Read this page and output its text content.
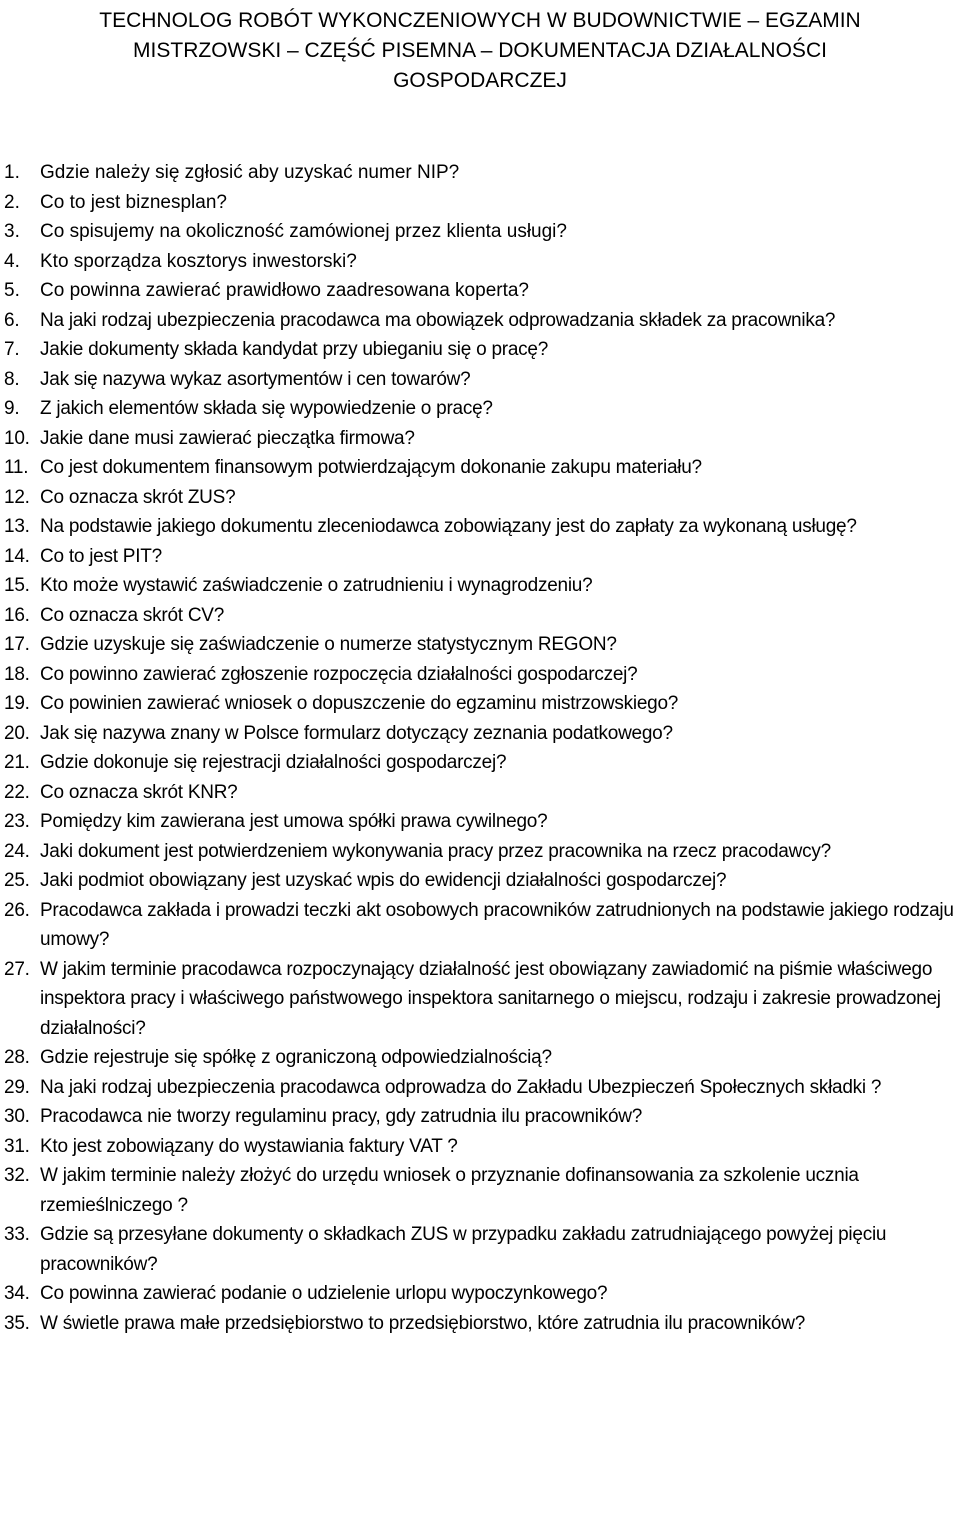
TECHNOLOG ROBÓT WYKONCZENIOWYCH W BUDOWNICTWIE – EGZAMIN
MISTRZOWSKI – CZĘŚĆ PISEMNA – DOKUMENTACJA DZIAŁALNOŚCI
GOSPODARCZEJ
1.	Gdzie należy się zgłosić aby uzyskać numer NIP?
2.	Co to jest biznesplan?
3.	Co spisujemy na okoliczność zamówionej przez klienta usługi?
4.	Kto sporządza kosztorys inwestorski?
5.	Co powinna zawierać prawidłowo zaadresowana koperta?
6.	Na jaki rodzaj ubezpieczenia pracodawca ma obowiązek odprowadzania składek za pracownika?
7.	Jakie dokumenty składa kandydat przy ubieganiu się o pracę?
8.	Jak się nazywa wykaz asortymentów i cen towarów?
9.	Z jakich elementów składa się wypowiedzenie o pracę?
10. Jakie dane musi zawierać pieczątka firmowa?
11. Co jest dokumentem finansowym potwierdzającym dokonanie zakupu materiału?
12. Co oznacza skrót ZUS?
13. Na podstawie jakiego dokumentu zleceniodawca zobowiązany jest do zapłaty za wykonaną usługę?
14. Co to jest PIT?
15. Kto może wystawić zaświadczenie o zatrudnieniu i wynagrodzeniu?
16. Co oznacza skrót CV?
17. Gdzie uzyskuje się zaświadczenie o numerze statystycznym REGON?
18. Co powinno zawierać zgłoszenie rozpoczęcia działalności gospodarczej?
19. Co powinien zawierać wniosek o dopuszczenie do egzaminu mistrzowskiego?
20. Jak się nazywa znany w Polsce formularz dotyczący zeznania podatkowego?
21. Gdzie dokonuje się rejestracji działalności gospodarczej?
22. Co oznacza skrót KNR?
23. Pomiędzy kim zawierana jest umowa spółki prawa cywilnego?
24. Jaki dokument jest potwierdzeniem wykonywania pracy przez pracownika na rzecz pracodawcy?
25. Jaki podmiot obowiązany jest uzyskać wpis do ewidencji działalności gospodarczej?
26. Pracodawca zakłada i prowadzi teczki akt osobowych pracowników zatrudnionych na podstawie jakiego rodzaju umowy?
27. W jakim terminie pracodawca rozpoczynający działalność jest obowiązany zawiadomić na piśmie właściwego inspektora pracy i właściwego państwowego inspektora sanitarnego o miejscu, rodzaju i zakresie prowadzonej działalności?
28. Gdzie rejestruje się spółkę z ograniczoną odpowiedzialnością?
29. Na jaki rodzaj ubezpieczenia pracodawca odprowadza do Zakładu Ubezpieczeń Społecznych składki ?
30. Pracodawca nie tworzy regulaminu pracy, gdy zatrudnia ilu pracowników?
31. Kto jest zobowiązany do wystawiania faktury VAT ?
32. W jakim terminie należy złożyć do urzędu wniosek o przyznanie dofinansowania za szkolenie ucznia rzemieślniczego ?
33. Gdzie są przesyłane dokumenty o składkach ZUS w przypadku zakładu zatrudniającego powyżej pięciu pracowników?
34. Co powinna zawierać podanie o udzielenie urlopu wypoczynkowego?
35. W świetle prawa małe przedsiębiorstwo to przedsiębiorstwo, które zatrudnia ilu pracowników?
